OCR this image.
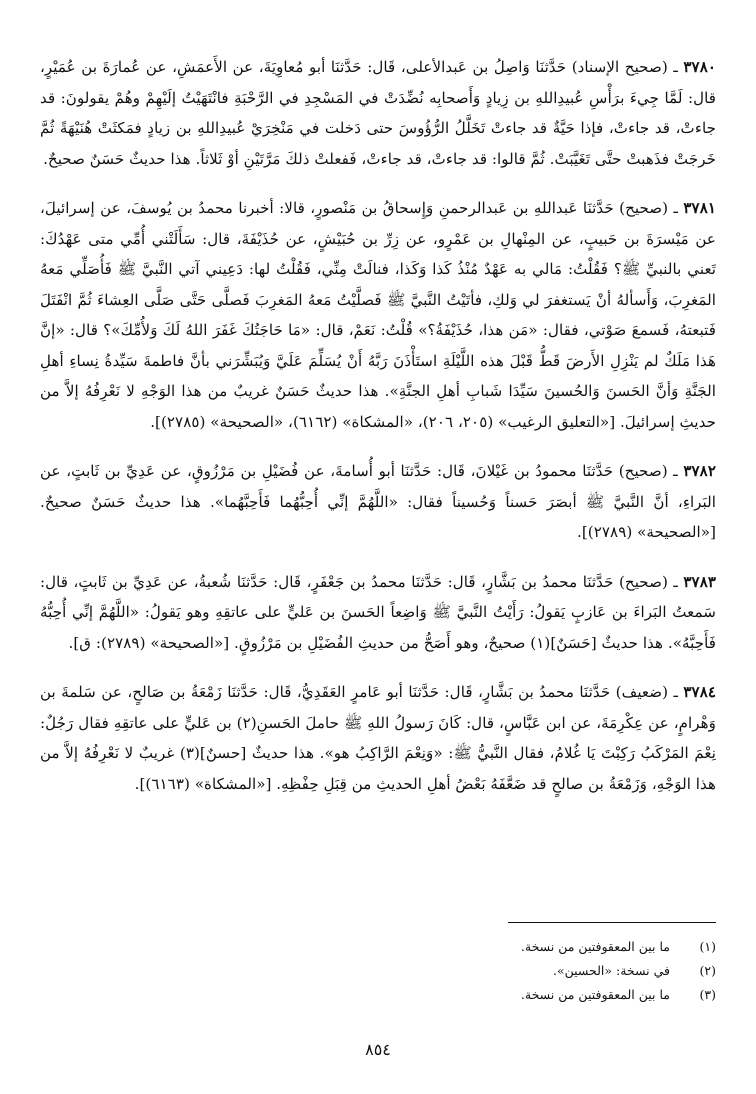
٣٧٨٠ ـ (صحيح الإسناد) حَدَّثنَا وَاصِلُ بن عَبدالأعلى، قَال: حَدَّثنَا أبو مُعاوِيَةَ، عن الأَعمَشِ، عن عُمارَةَ بن عُمَيْرٍ، قال: لَمَّا جِيءَ برَأْسِ عُبيدِاللهِ بن زِيادٍ وَأَصحابِه نُضِّدَتْ في المَسْجِدِ في الرَّحْبَةِ فانْتَهَيْتُ إلَيْهِمْ وهُمْ يقولونَ: قد جاءتْ، قد جاءتْ، فإذا حَيَّةٌ قد جاءتْ تَخَلَّلُ الرُّؤُوسَ حتى دَخلت في مَنْخِرَيْ عُبيدِاللهِ بن زيادٍ فمَكثَتْ هُنَيْهَةً ثُمَّ خَرجَتْ فذَهبتْ حتَّى تَغَيَّبَتْ. ثُمَّ قالوا: قد جاءتْ، قد جاءتْ، فَفعلتْ ذلكَ مَرَّتَيْنِ أوْ ثَلاثاً. هذا حديثٌ حَسَنٌ صحيحٌ.

٣٧٨١ ـ (صحيح) حَدَّثنَا عَبداللهِ بن عَبدالرحمنِ وَإِسحاقُ بن مَنْصورٍ، قالا: أخبرنا محمدُ بن يُوسفَ، عن إسرائيلَ، عن مَيْسرَةَ بن حَبيبٍ، عن المِنْهالِ بن عَمْرٍو، عن زِرِّ بن حُبَيْشٍ، عن حُذَيْفَةَ، قال: سَأَلَتْني أُمِّي متى عَهْدُكَ: تَعني بالنبيِّ ﷺ؟ فَقُلْتُ: مَالي به عَهْدٌ مُنْذُ كَذا وَكَذا، فنالَتْ مِنِّي، فَقُلْتُ لها: دَعِيني آتي النَّبيَّ ﷺ فَأُصَلِّي مَعهُ المَغرِبَ، وَأَسألهُ أنْ يَستغفرَ لي وَلكِ، فأتَيْتُ النَّبيَّ ﷺ فَصلَّيْتُ مَعهُ المَغرِبَ فَصلَّى حَتَّى صَلَّى العِشاءَ ثُمَّ انْفَتَلَ فَتبعتهُ، فَسمعَ صَوْتي، فقال: «مَن هذا، حُذَيْفَةُ؟» قُلْتُ: نَعَمْ، قال: «مَا حَاجَتُكَ غَفَرَ اللهُ لَكَ وَلأُمِّكَ»؟ قال: «إنَّ هَذا مَلَكٌ لم يَنْزِلِ الأَرضَ قَطُّ قَبْلَ هذه اللَّيْلَةِ استَأْذَنَ رَبَّهُ أَنْ يُسَلِّمَ عَلَيَّ وَيُبَشِّرَني بأنَّ فاطمةَ سَيِّدةُ نِساءِ أهلِ الجَنَّةِ وَأنَّ الحَسنَ وَالحُسينَ سَيِّدَا شَبابِ أهلِ الجنَّةِ». هذا حديثٌ حَسَنٌ غريبٌ من هذا الوَجْهِ لا نَعْرِفُهُ إلاَّ من حديثِ إسرائيلَ. [«التعليق الرغيب» (٢٠٥، ٢٠٦)، «المشكاة» (٦١٦٢)، «الصحيحة» (٢٧٨٥)].

٣٧٨٢ ـ (صحيح) حَدَّثنَا محمودُ بن غَيْلانَ، قَال: حَدَّثنَا أبو أُسامةَ، عن فُضَيْلِ بن مَرْزُوقٍ، عن عَدِيِّ بن ثَابتٍ، عن البَراءِ، أنَّ النَّبيَّ ﷺ أبصَرَ حَسناً وَحُسيناً فقال: «اللَّهُمَّ إنِّي أُحِبُّهُما فَأَحِبَّهُما». هذا حديثٌ حَسَنٌ صحيحٌ. [«الصحيحة» (٢٧٨٩)].

٣٧٨٣ ـ (صحيح) حَدَّثنَا محمدُ بن بَشَّارٍ، قَال: حَدَّثنَا محمدُ بن جَعْفَرٍ، قَال: حَدَّثنَا شُعبةُ، عن عَدِيِّ بن ثَابتٍ، قال: سَمعتُ البَراءَ بن عَازبٍ يَقولُ: رَأَيْتُ النَّبيَّ ﷺ وَاضِعاً الحَسنَ بن عَليٍّ على عاتقِهِ وهو يَقولُ: «اللَّهُمَّ إنِّي أُحِبُّهُ فَأَحِبَّهُ». هذا حديثٌ [حَسَنٌ](١) صحيحٌ، وهو أَصَحُّ من حديثِ الفُضَيْلِ بن مَرْزُوقٍ. [«الصحيحة» (٢٧٨٩): ق].

٣٧٨٤ ـ (ضعيف) حَدَّثنَا محمدُ بن بَشَّارٍ، قَال: حَدَّثنَا أبو عَامرٍ العَقَدِيُّ، قَال: حَدَّثنَا زَمْعَةُ بن صَالحٍ، عن سَلمةَ بن وَهْرامٍ، عن عِكْرِمَةَ، عن ابن عَبَّاسٍ، قال: كَانَ رَسولُ اللهِ ﷺ حاملَ الحَسنِ(٢) بن عَليٍّ على عاتقِهِ فقال رَجُلٌ: نِعْمَ المَرْكَبُ رَكِبْتَ يَا غُلامُ، فقال النَّبيُّ ﷺ: «وَنِعْمَ الرَّاكِبُ هو». هذا حديثٌ [حسنٌ](٣) غريبٌ لا نَعْرِفُهُ إلاَّ من هذا الوَجْهِ، وَزَمْعَةُ بن صالحٍ قد ضَعَّفَهُ بَعْضُ أهلِ الحديثِ من قِبَلِ حِفْظِهِ. [«المشكاة» (٦١٦٣)].

(١)
ما بين المعقوفتين من نسخة.
(٢)
في نسخة: «الحسين».
(٣)
ما بين المعقوفتين من نسخة.
٨٥٤
